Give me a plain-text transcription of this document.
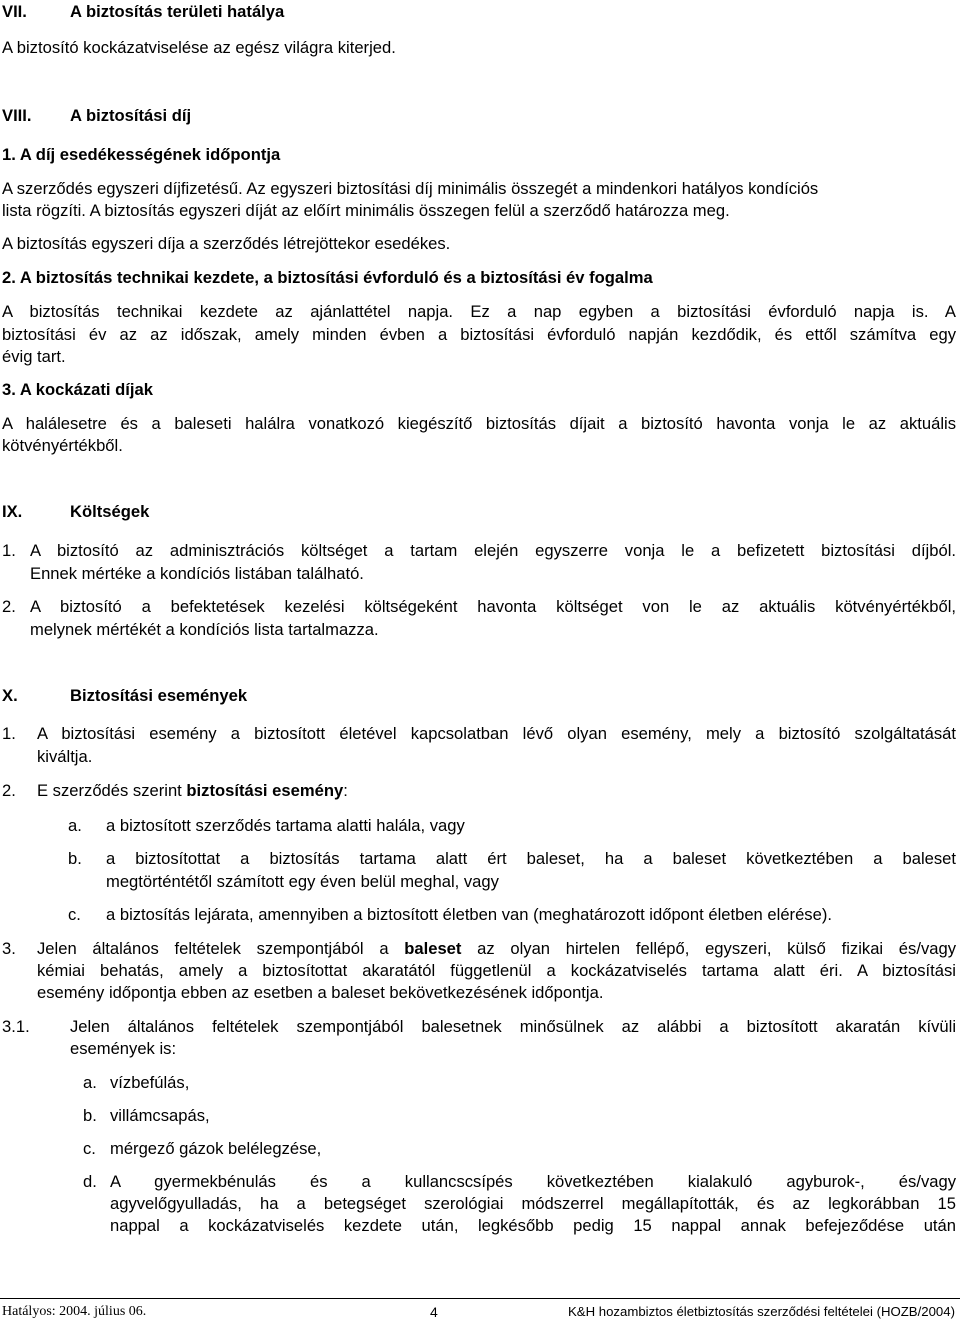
VII.	A biztosítás területi hatálya
A biztosító kockázatviselése az egész világra kiterjed.
VIII. A biztosítási díj
1. A díj esedékességének időpontja
A szerződés egyszeri díjfizetésű. Az egyszeri biztosítási díj minimális összegét a mindenkori hatályos kondíciós
lista rögzíti. A biztosítás egyszeri díját az előírt minimális összegen felül a szerződő határozza meg.
A biztosítás egyszeri díja a szerződés létrejöttekor esedékes.
2. A biztosítás technikai kezdete, a biztosítási évforduló és a biztosítási év fogalma
A biztosítás technikai kezdete az ajánlattétel napja. Ez a nap egyben a biztosítási évforduló napja is. A
biztosítási év az az időszak, amely minden évben a biztosítási évforduló napján kezdődik, és ettől számítva egy
évig tart.
3. A kockázati díjak
A halálesetre és a baleseti halálra vonatkozó kiegészítő biztosítás díjait a biztosító havonta vonja le az aktuális
kötvényértékből.
IX.	Költségek
1. A biztosító az adminisztrációs költséget a tartam elején egyszerre vonja le a befizetett biztosítási díjból.
Ennek mértéke a kondíciós listában található.
2. A biztosító a befektetések kezelési költségeként havonta költséget von le az aktuális kötvényértékből,
melynek mértékét a kondíciós lista tartalmazza.
X.	Biztosítási események
1. A biztosítási esemény a biztosított életével kapcsolatban lévő olyan esemény, mely a biztosító szolgáltatását
kiváltja.
2. E szerződés szerint biztosítási esemény:
a. a biztosított szerződés tartama alatti halála, vagy
b. a biztosítottat a biztosítás tartama alatt ért baleset, ha a baleset következtében a baleset
megtörténtétől számított egy éven belül meghal, vagy
c. a biztosítás lejárata, amennyiben a biztosított életben van (meghatározott időpont életben elérése).
3. Jelen általános feltételek szempontjából a baleset az olyan hirtelen fellépő, egyszeri, külső fizikai és/vagy
kémiai behatás, amely a biztosítottat akaratától függetlenül a kockázatviselés tartama alatt éri. A biztosítási
esemény időpontja ebben az esetben a baleset bekövetkezésének időpontja.
3.1. Jelen általános feltételek szempontjából balesetnek minősülnek az alábbi a biztosított akaratán kívüli
események is:
a. vízbefúlás,
b. villámcsapás,
c. mérgező gázok belélegzése,
d. A gyermekbénulás és a kullancscsípés következtében kialakuló agyburok-, és/vagy
agyvelőgyulladás, ha a betegséget szerológiai módszerrel megállapították, és az legkorábban 15
nappal a kockázatviselés kezdete után, legkésőbb pedig 15 nappal annak befejeződése után
Hatályos: 2004. július 06.	4	K&H hozambiztos életbiztosítás szerződési feltételei (HOZB/2004)
